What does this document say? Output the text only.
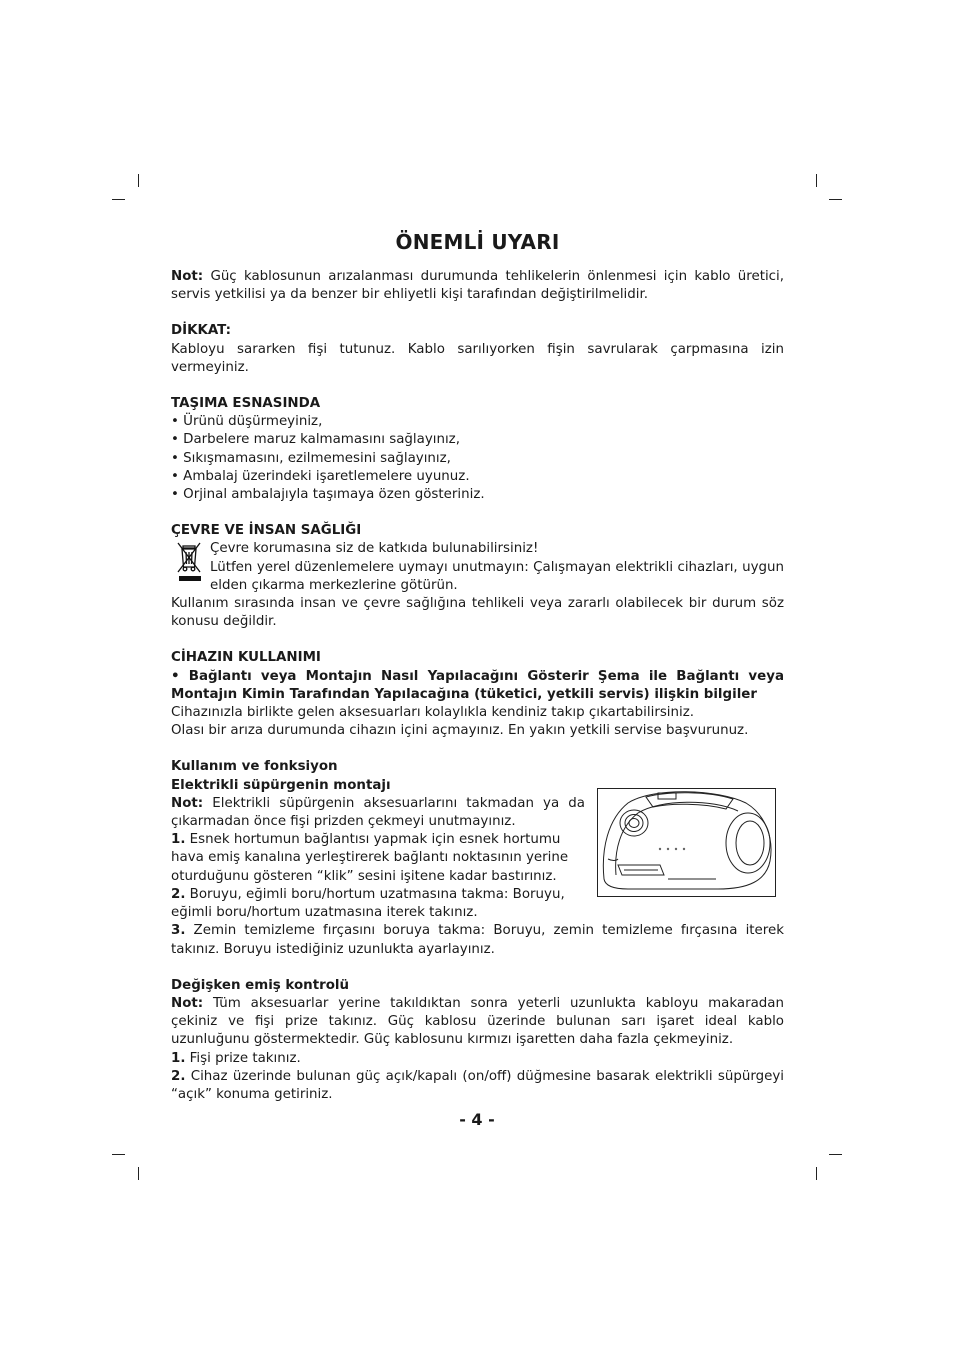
ÖNEMLİ UYARI

Not: Güç kablosunun arızalanması durumunda tehlikelerin önlenmesi için kablo üretici, servis yetkilisi ya da benzer bir ehliyetli kişi tarafından değiştirilmelidir.

DİKKAT:

Kabloyu sararken fişi tutunuz. Kablo sarılıyorken fişin savrularak çarpmasına izin vermeyiniz.

TAŞIMA ESNASINDA

• Ürünü düşürmeyiniz,
• Darbelere maruz kalmamasını sağlayınız,
• Sıkışmamasını, ezilmemesini sağlayınız,
• Ambalaj üzerindeki işaretlemelere uyunuz.
• Orjinal ambalajıyla taşımaya özen gösteriniz.

ÇEVRE VE İNSAN SAĞLIĞI

Çevre korumasına siz de katkıda bulunabilirsiniz!

Lütfen yerel düzenlemelere uymayı unutmayın: Çalışmayan elektrikli cihazları, uygun elden çıkarma merkezlerine götürün.

Kullanım sırasında insan ve çevre sağlığına tehlikeli veya zararlı olabilecek bir durum söz konusu değildir.

CİHAZIN KULLANIMI

• Bağlantı veya Montajın Nasıl Yapılacağını Gösterir Şema ile Bağlantı veya Montajın Kimin Tarafından Yapılacağına (tüketici, yetkili servis) ilişkin bilgiler

Cihazınızla birlikte gelen aksesuarları kolaylıkla kendiniz takıp çıkartabilirsiniz.

Olası bir arıza durumunda cihazın içini açmayınız. En yakın yetkili servise başvurunuz.

Kullanım ve fonksiyon

Elektrikli süpürgenin montajı

Not: Elektrikli süpürgenin aksesuarlarını takmadan ya da çıkarmadan önce fişi prizden çekmeyi unutmayınız.

1. Esnek hortumun bağlantısı yapmak için esnek hortumu hava emiş kanalına yerleştirerek bağlantı noktasının yerine oturduğunu gösteren “klik” sesini işitene kadar bastırınız.

2. Boruyu, eğimli boru/hortum uzatmasına takma: Boruyu, eğimli boru/hortum uzatmasına iterek takınız.

3. Zemin temizleme fırçasını boruya takma: Boruyu, zemin temizleme fırçasına iterek takınız. Boruyu istediğiniz uzunlukta ayarlayınız.

Değişken emiş kontrolü

Not: Tüm aksesuarlar yerine takıldıktan sonra yeterli uzunlukta kabloyu makaradan çekiniz ve fişi prize takınız. Güç kablosu üzerinde bulunan sarı işaret ideal kablo uzunluğunu göstermektedir. Güç kablosunu kırmızı işaretten daha fazla çekmeyiniz.

1. Fişi prize takınız.

2. Cihaz üzerinde bulunan güç açık/kapalı (on/off) düğmesine basarak elektrikli süpürgeyi “açık” konuma getiriniz.

- 4 -
